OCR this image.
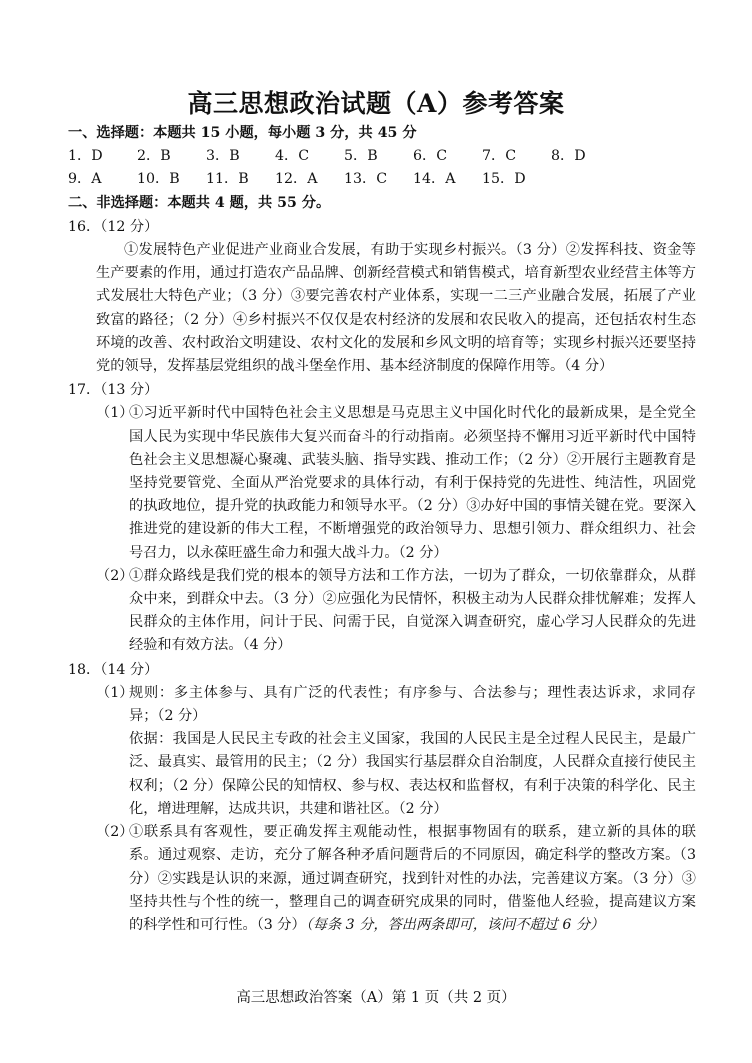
高三思想政治试题（A）参考答案
一、选择题：本题共 15 小题，每小题 3 分，共 45 分
1．D	2．B	3．B	4．C	5．B	6．C	7．C	8．D
9．A	10．B	11．B	12．A	13．C	14．A	15．D
二、非选择题：本题共 4 题，共 55 分。
16．（12 分）
①发展特色产业促进产业商业合发展，有助于实现乡村振兴。（3 分）②发挥科技、资金等生产要素的作用，通过打造农产品品牌、创新经营模式和销售模式，培育新型农业经营主体等方式发展壮大特色产业；（3 分）③要完善农村产业体系，实现一二三产业融合发展，拓展了产业致富的路径；（2 分）④乡村振兴不仅仅是农村经济的发展和农民收入的提高，还包括农村生态环境的改善、农村政治文明建设、农村文化的发展和乡风文明的培育等；实现乡村振兴还要坚持党的领导，发挥基层党组织的战斗堡垒作用、基本经济制度的保障作用等。（4 分）
17．（13 分）
（1）

①习近平新时代中国特色社会主义思想是马克思主义中国化时代化的最新成果，是全党全国人民为实现中华民族伟大复兴而奋斗的行动指南。必须坚持不懈用习近平新时代中国特色社会主义思想凝心聚魂、武装头脑、指导实践、推动工作；（2 分）②开展行主题教育是坚持党要管党、全面从严治党要求的具体行动，有利于保持党的先进性、纯洁性，巩固党的执政地位，提升党的执政能力和领导水平。（2 分）③办好中国的事情关键在党。要深入推进党的建设新的伟大工程，不断增强党的政治领导力、思想引领力、群众组织力、社会号召力，以永葆旺盛生命力和强大战斗力。（2 分）

（2）

①群众路线是我们党的根本的领导方法和工作方法，一切为了群众，一切依靠群众，从群众中来，到群众中去。（3 分）②应强化为民情怀，积极主动为人民群众排忧解难；发挥人民群众的主体作用，问计于民、问需于民，自觉深入调查研究，虚心学习人民群众的先进经验和有效方法。（4 分）

18．（14 分）
（1）

规则：多主体参与、具有广泛的代表性；有序参与、合法参与；理性表达诉求，求同存异；（2 分）

依据：我国是人民民主专政的社会主义国家，我国的人民民主是全过程人民民主，是最广泛、最真实、最管用的民主；（2 分）我国实行基层群众自治制度，人民群众直接行使民主权利；（2 分）保障公民的知情权、参与权、表达权和监督权，有利于决策的科学化、民主化，增进理解，达成共识，共建和谐社区。（2 分）

（2）

①联系具有客观性，要正确发挥主观能动性，根据事物固有的联系，建立新的具体的联系。通过观察、走访，充分了解各种矛盾问题背后的不同原因，确定科学的整改方案。（3 分）②实践是认识的来源，通过调查研究，找到针对性的办法，完善建议方案。（3 分）③坚持共性与个性的统一，整理自己的调查研究成果的同时，借鉴他人经验，提高建议方案的科学性和可行性。（3 分）（每条 3 分，答出两条即可，该问不超过 6 分）

高三思想政治答案（A）第 1 页（共 2 页）
